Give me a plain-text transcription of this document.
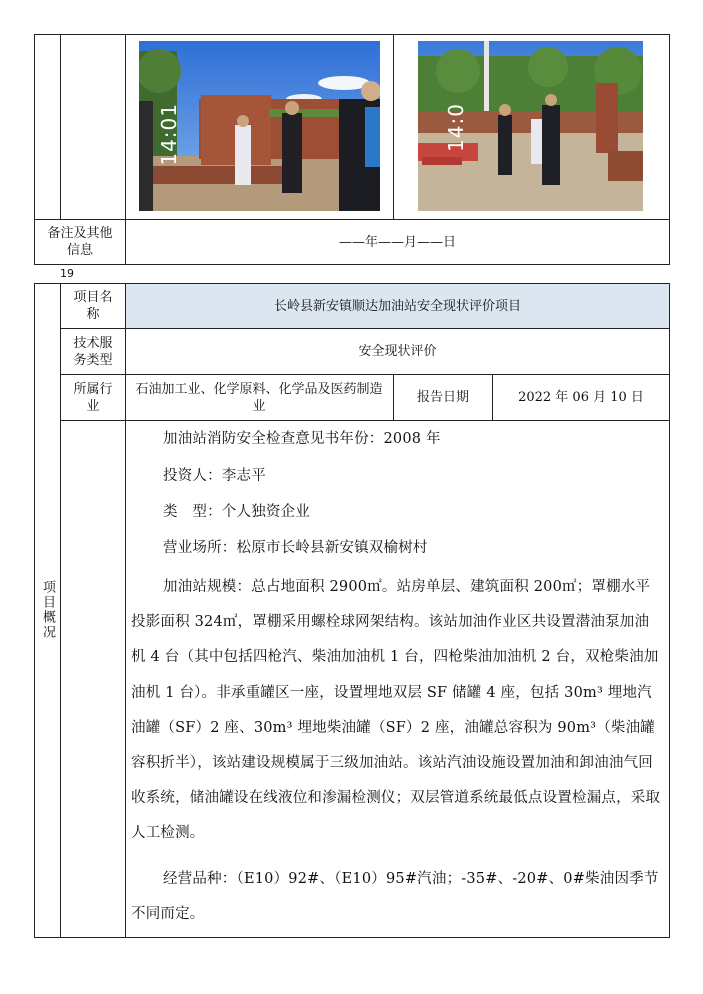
14:01	14:0
备注及其他信息
——年——月——日
19
项目名称
长岭县新安镇顺达加油站安全现状评价项目
技术服务类型
安全现状评价
所属行业
石油加工业、化学原料、化学品及医药制造业
报告日期	2022 年 06 月 10 日
项目概况
加油站消防安全检查意见书年份：2008 年
投资人：李志平
类　型：个人独资企业
营业场所：松原市长岭县新安镇双榆树村
加油站规模：总占地面积 2900㎡。站房单层、建筑面积 200㎡；罩棚水平投影面积 324㎡，罩棚采用螺栓球网架结构。该站加油作业区共设置潜油泵加油机 4 台（其中包括四枪汽、柴油加油机 1 台，四枪柴油加油机 2 台，双枪柴油加油机 1 台）。非承重罐区一座，设置埋地双层 SF 储罐 4 座，包括 30m³ 埋地汽油罐（SF）2 座、30m³ 埋地柴油罐（SF）2 座，油罐总容积为 90m³（柴油罐容积折半），该站建设规模属于三级加油站。该站汽油设施设置加油和卸油油气回收系统，储油罐设在线液位和渗漏检测仪；双层管道系统最低点设置检漏点，采取人工检测。
经营品种：（E10）92#、（E10）95#汽油；-35#、-20#、0#柴油因季节不同而定。
